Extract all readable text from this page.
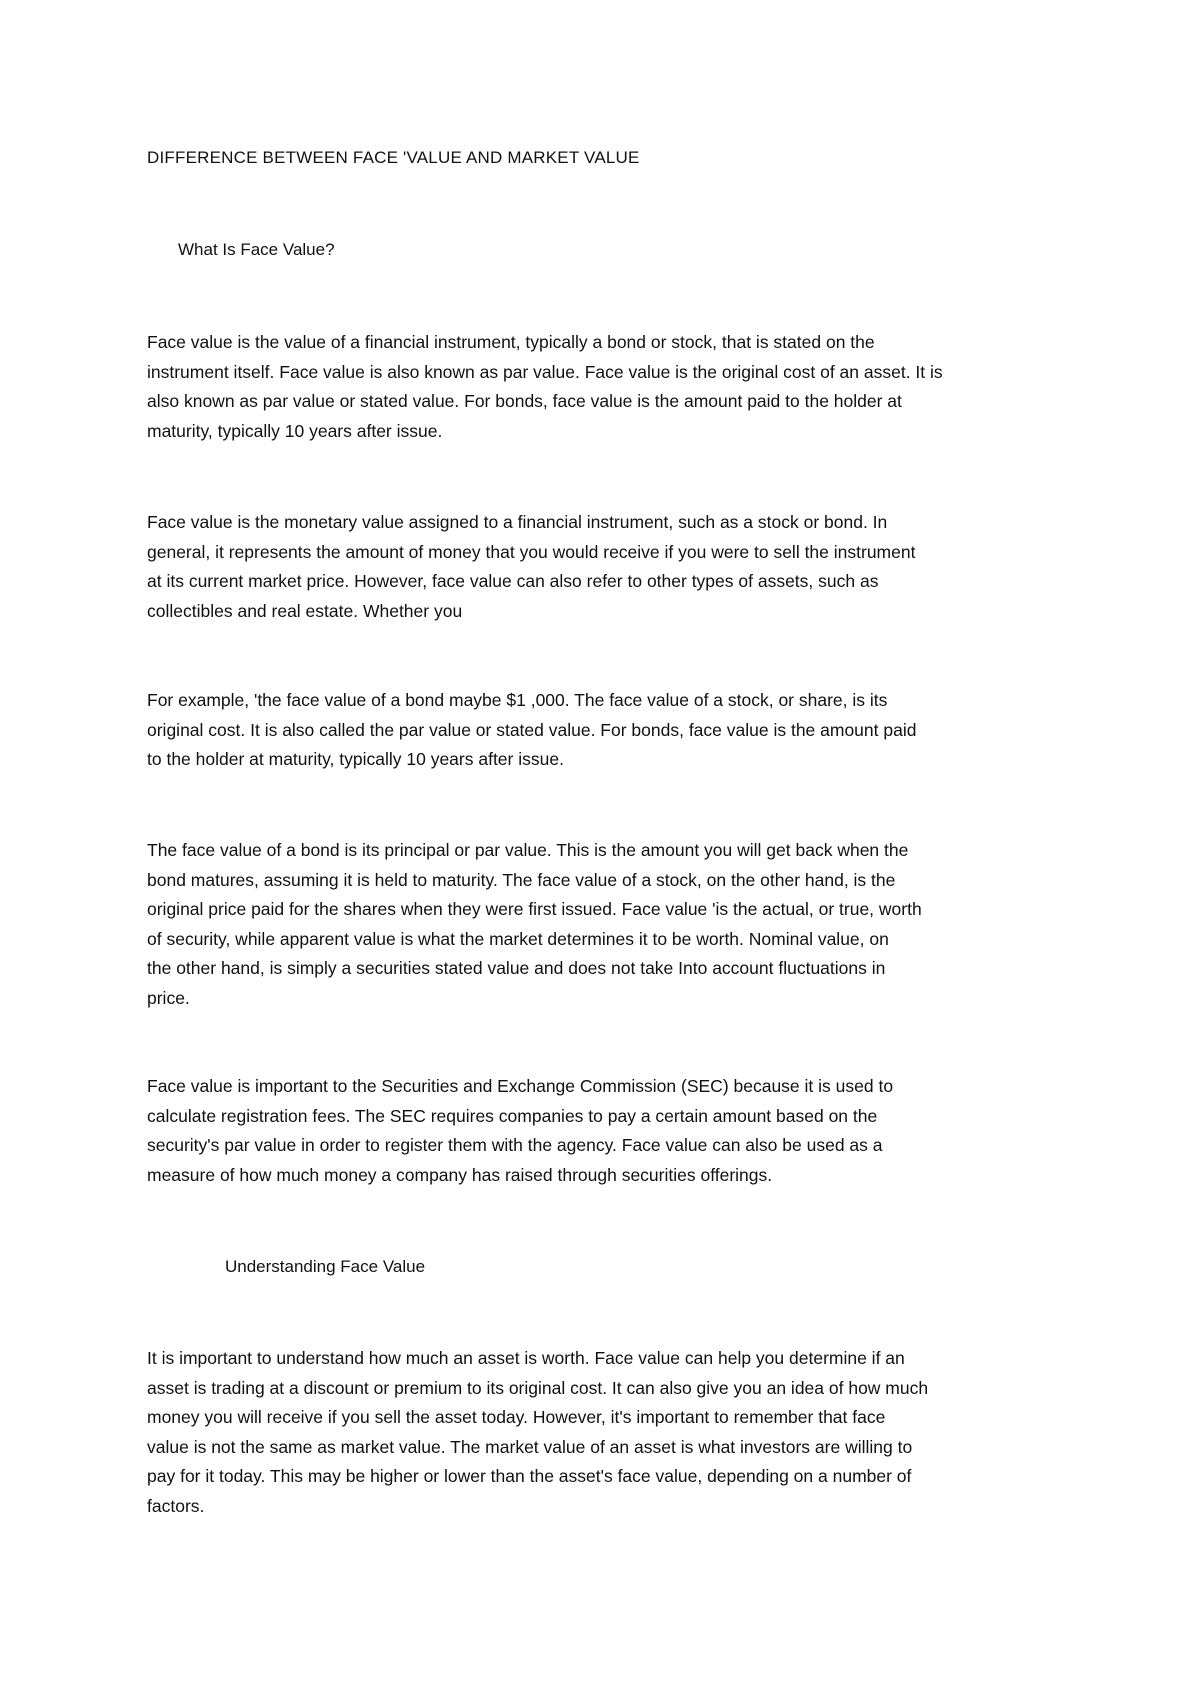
DIFFERENCE BETWEEN FACE 'VALUE AND MARKET VALUE
What Is Face Value?

Face value is the value of a financial instrument, typically a bond or stock, that is stated on the
instrument itself. Face value is also known as par value. Face value is the original cost of an asset. It is
also known as par value or stated value. For bonds, face value is the amount paid to the holder at
maturity, typically 10 years after issue.

Face value is the monetary value assigned to a financial instrument, such as a stock or bond. In
general, it represents the amount of money that you would receive if you were to sell the instrument
at its current market price. However, face value can also refer to other types of assets, such as
collectibles and real estate. Whether you

For example, 'the face value of a bond maybe $1 ,000. The face value of a stock, or share, is its
original cost. It is also called the par value or stated value. For bonds, face value is the amount paid
to the holder at maturity, typically 10 years after issue.

The face value of a bond is its principal or par value. This is the amount you will get back when the
bond matures, assuming it is held to maturity. The face value of a stock, on the other hand, is the
original price paid for the shares when they were first issued. Face value 'is the actual, or true, worth
of security, while apparent value is what the market determines it to be worth. Nominal value, on
the other hand, is simply a securities stated value and does not take Into account fluctuations in
price.

Face value is important to the Securities and Exchange Commission (SEC) because it is used to
calculate registration fees. The SEC requires companies to pay a certain amount based on the
security's par value in order to register them with the agency. Face value can also be used as a
measure of how much money a company has raised through securities offerings.

Understanding Face Value

It is important to understand how much an asset is worth. Face value can help you determine if an
asset is trading at a discount or premium to its original cost. It can also give you an idea of how much
money you will receive if you sell the asset today. However, it's important to remember that face
value is not the same as market value. The market value of an asset is what investors are willing to
pay for it today. This may be higher or lower than the asset's face value, depending on a number of
factors.
